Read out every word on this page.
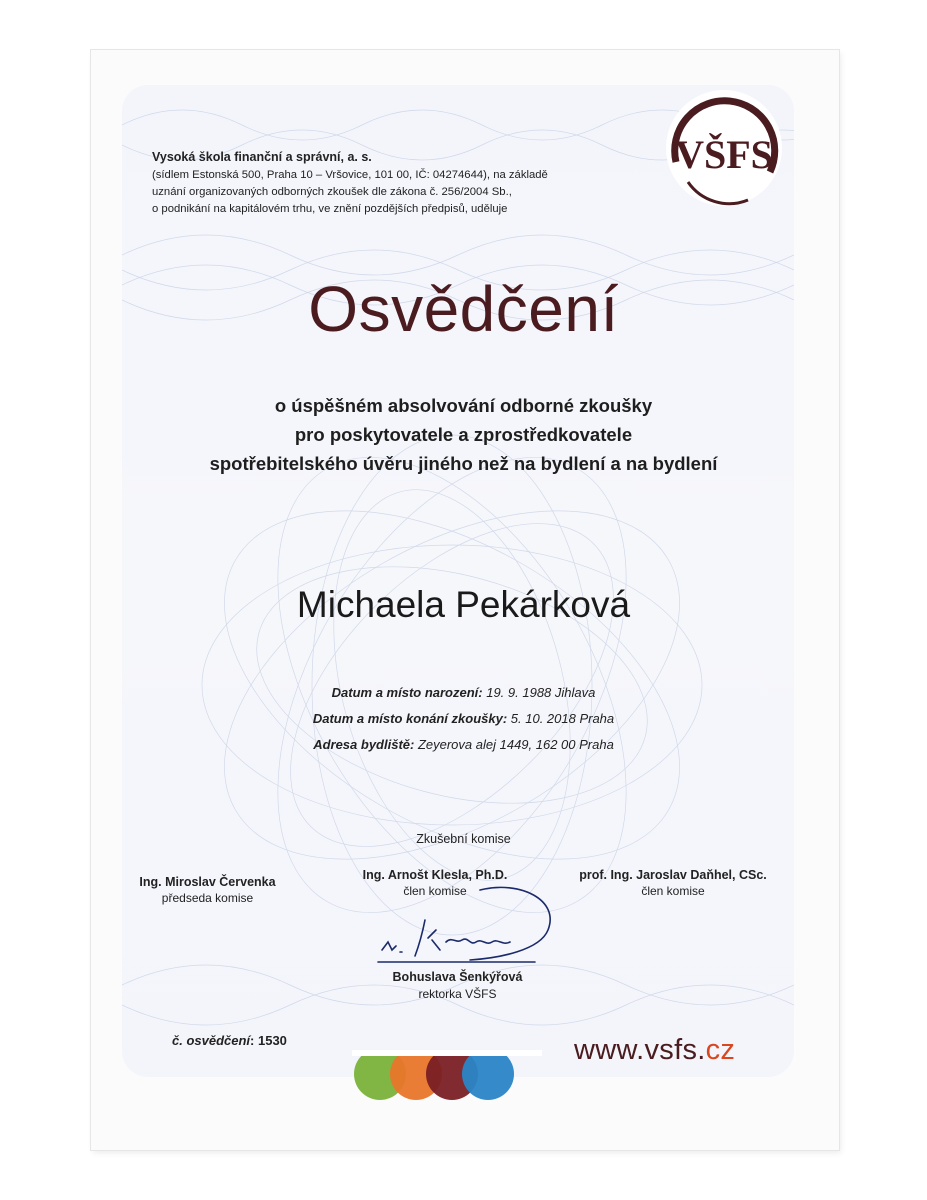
VŠFS
Vysoká škola finanční a správní, a. s.
(sídlem Estonská 500, Praha 10 – Vršovice, 101 00, IČ: 04274644), na základě
uznání organizovaných odborných zkoušek dle zákona č. 256/2004 Sb.,
o podnikání na kapitálovém trhu, ve znění pozdějších předpisů, uděluje
Osvědčení
o úspěšném absolvování odborné zkoušky
pro poskytovatele a zprostředkovatele
spotřebitelského úvěru jiného než na bydlení a na bydlení
Michaela Pekárková
Datum a místo narození: 19. 9. 1988 Jihlava
Datum a místo konání zkoušky: 5. 10. 2018 Praha
Adresa bydliště: Zeyerova alej 1449, 162 00 Praha
Zkušební komise
Ing. Miroslav Červenka
předseda komise
Ing. Arnošt Klesla, Ph.D.
člen komise
prof. Ing. Jaroslav Daňhel, CSc.
člen komise
Bohuslava Šenkýřová
rektorka VŠFS
č. osvědčení: 1530	www.vsfs.cz
